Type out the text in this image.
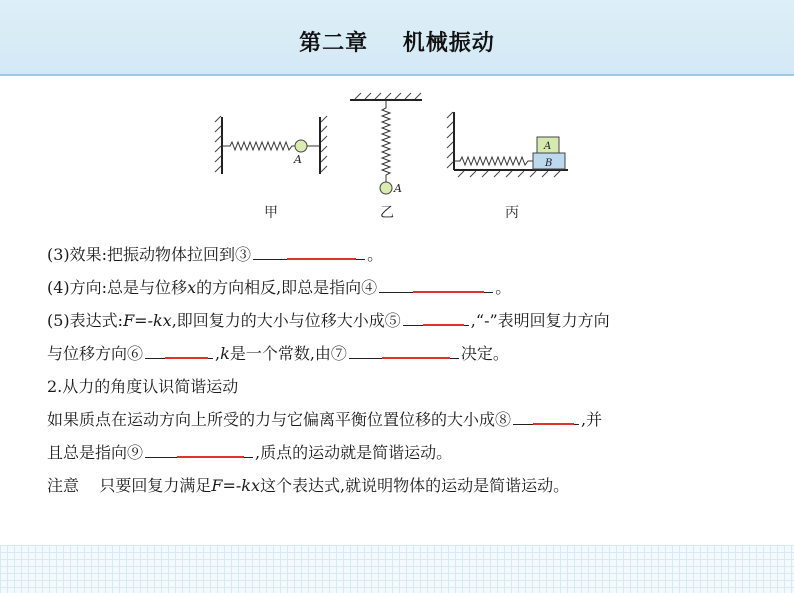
第二章    机械振动
A
A
A
B
甲	乙	丙
(3)效果:把振动物体拉回到③	。
(4)方向:总是与位移x的方向相反,即总是指向④	。
(5)表达式:F=-kx,即回复力的大小与位移大小成⑤	,“-”表明回复力方向
与位移方向⑥	,k是一个常数,由⑦	决定。
2.从力的角度认识简谐运动
如果质点在运动方向上所受的力与它偏离平衡位置位移的大小成⑧	,并
且总是指向⑨	,质点的运动就是简谐运动。
注意    只要回复力满足F=-kx这个表达式,就说明物体的运动是简谐运动。
